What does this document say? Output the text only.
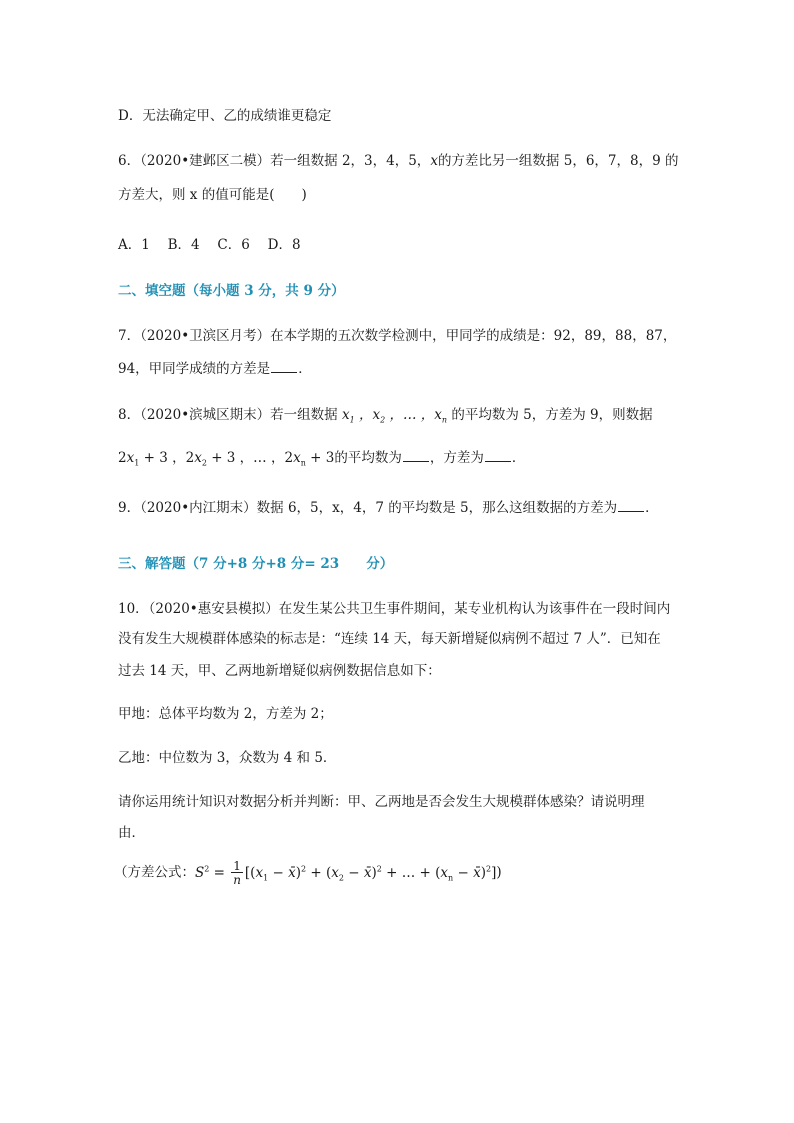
D．无法确定甲、乙的成绩谁更稳定
6．（2020•建邺区二模）若一组数据 2，3，4，5，x的方差比另一组数据 5，6，7，8，9 的
方差大，则 x 的值可能是(　　)
A．1　 B．4　 C．6　 D．8
二、填空题（每小题 3 分，共 9 分）
7．（2020•卫滨区月考）在本学期的五次数学检测中，甲同学的成绩是：92，89，88，87，
94，甲同学成绩的方差是 ．
8．（2020•滨城区期末）若一组数据 $x_1$ ，$x_2$ ，… ，$x_n$ 的平均数为 5，方差为 9，则数据
$2x_1 + 3$ ，$2x_2 + 3$ ，… ，$2x_n + 3$的平均数为 ，方差为 ．
9．（2020•内江期末）数据 6，5，x，4，7 的平均数是 5，那么这组数据的方差为 ．
三、解答题（7 分+8 分+8 分= 23　　分）
10．（2020•惠安县模拟）在发生某公共卫生事件期间，某专业机构认为该事件在一段时间内
没有发生大规模群体感染的标志是：“连续 14 天，每天新增疑似病例不超过 7 人”．已知在
过去 14 天，甲、乙两地新增疑似病例数据信息如下：
甲地：总体平均数为 2，方差为 2；
乙地：中位数为 3，众数为 4 和 5．
请你运用统计知识对数据分析并判断：甲、乙两地是否会发生大规模群体感染？请说明理
由．
（方差公式：$S^2 = \frac{1}{n} [(x_1$ − x̄)$^2$ + ($x_2$ − x̄)$^2$ + … + ($x_n$ − x̄)$^2$])
